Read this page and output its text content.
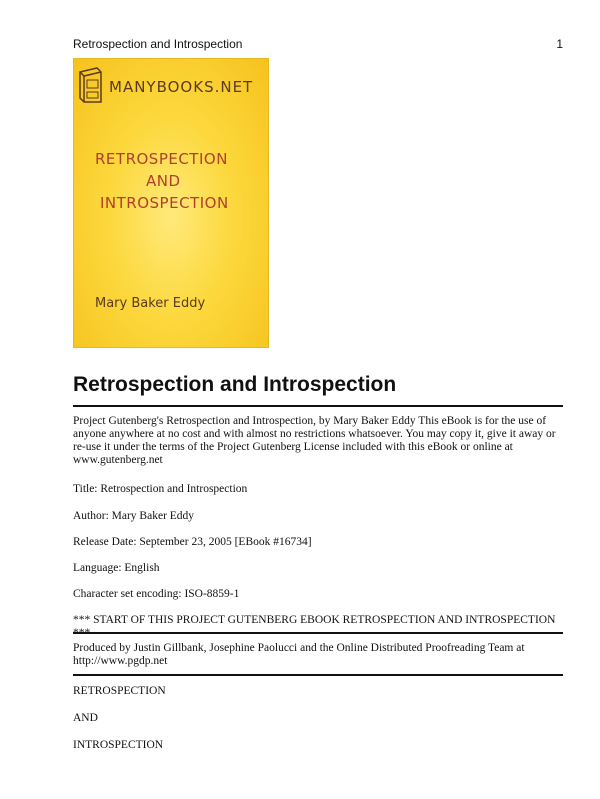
Retrospection and Introspection	1
MANYBOOKS.NET
RETROSPECTION
AND
INTROSPECTION
Mary Baker Eddy
Retrospection and Introspection

Project Gutenberg's Retrospection and Introspection, by Mary Baker Eddy This eBook is for the use of anyone anywhere at no cost and with almost no restrictions whatsoever. You may copy it, give it away or re-use it under the terms of the Project Gutenberg License included with this eBook or online at www.gutenberg.net

Title: Retrospection and Introspection

Author: Mary Baker Eddy

Release Date: September 23, 2005 [EBook #16734]

Language: English

Character set encoding: ISO-8859-1

*** START OF THIS PROJECT GUTENBERG EBOOK RETROSPECTION AND INTROSPECTION ***

Produced by Justin Gillbank, Josephine Paolucci and the Online Distributed Proofreading Team at http://www.pgdp.net

RETROSPECTION

AND

INTROSPECTION
